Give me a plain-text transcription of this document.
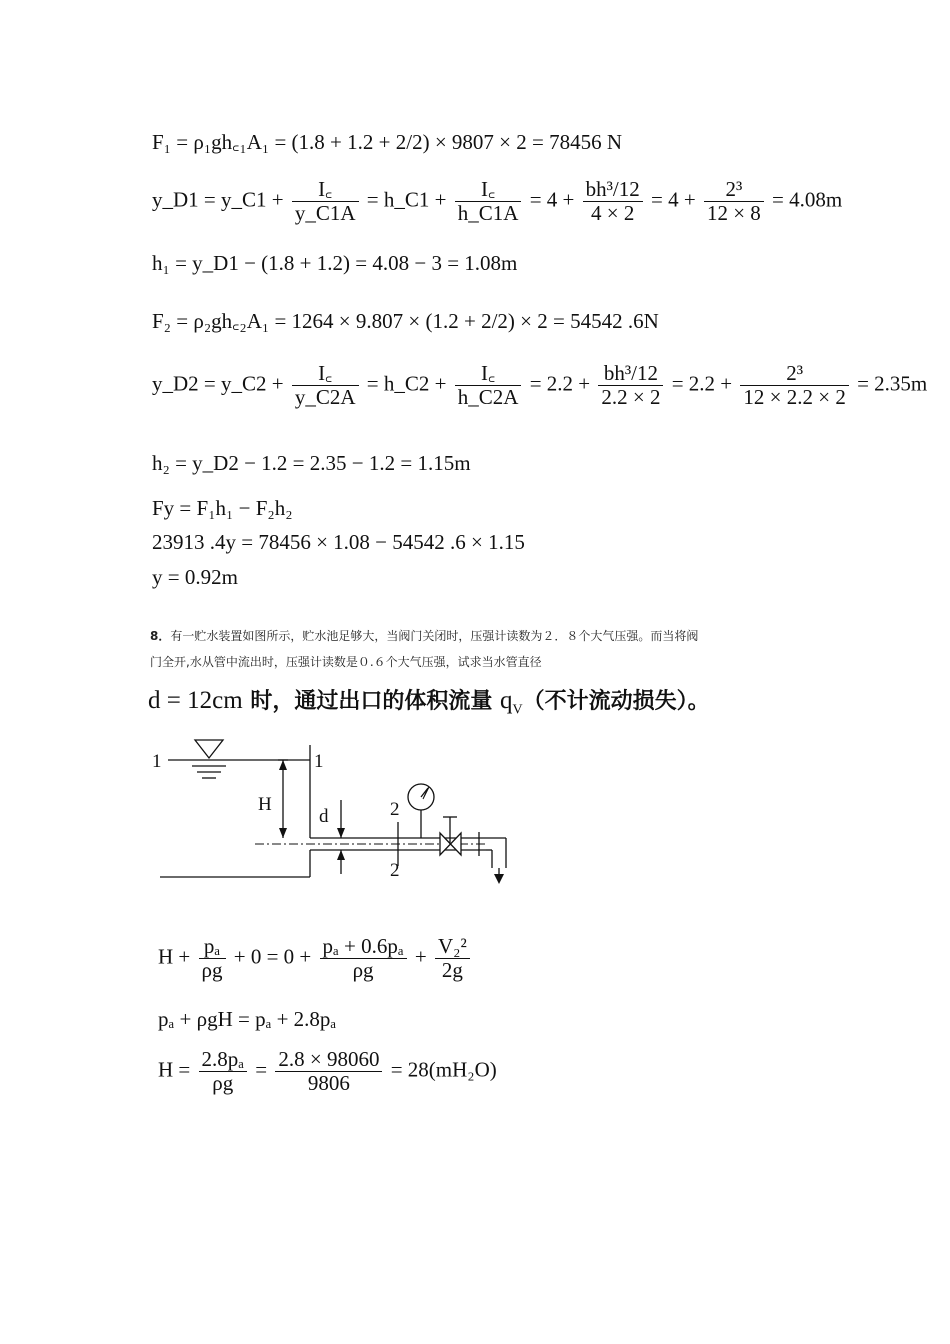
F₁ = ρ₁gh꜀₁A₁ = (1.8 + 1.2 + 2/2) × 9807 × 2 = 78456 N
y_D1 = y_C1 + $\frac{I꜀}{y\_C1A}$ = h_C1 + $\frac{I꜀}{h\_C1A} = 4 + \frac{\text{bh³/12}}{4 \times 2} = 4 + \frac{\text{2³}}{12 \times 8} = 4.08m$
h₁ = y_D1 − (1.8 + 1.2) = 4.08 − 3 = 1.08m
F₂ = ρ₂gh꜀₂A₁ = 1264 × 9.807 × (1.2 + 2/2) × 2 = 54542 .6N
y_D2 = y_C2 + $\frac{I꜀}{y\_C2A}$ = h_C2 + $\frac{I꜀}{h\_C2A} = 2.2 + \frac{\text{bh³/12}}{2.2 \times 2} = 2.2 + \frac{\text{2³}}{12 \times 2.2 \times 2} = 2.35m$
h₂ = y_D2 − 1.2 = 2.35 − 1.2 = 1.15m
Fy = F₁h₁ − F₂h₂
23913 .4y = 78456 × 1.08 − 54542 .6 × 1.15
y = 0.92m
8．有一贮水装置如图所示，贮水池足够大，当阀门关闭时，压强计读数为２．８个大气压强。而当将阀
门全开,水从管中流出时，压强计读数是０.６个大气压强，试求当水管直径
d = 12cm 时，通过出口的体积流量 $q_V$（不计流动损失）。
1	1
H
d	2
2
$H + \frac{\text{pₐ}}{\rho g} + 0 = 0 + \frac{\text{pₐ + 0.6pₐ}}{\rho g} + \frac{\text{V₂²}}{2g}$
pₐ + ρgH = pₐ + 2.8pₐ
$H = \frac{\text{2.8pₐ}}{\rho g} = \frac{2.8 \times 98060}{9806} = 28(mH_2O)$
